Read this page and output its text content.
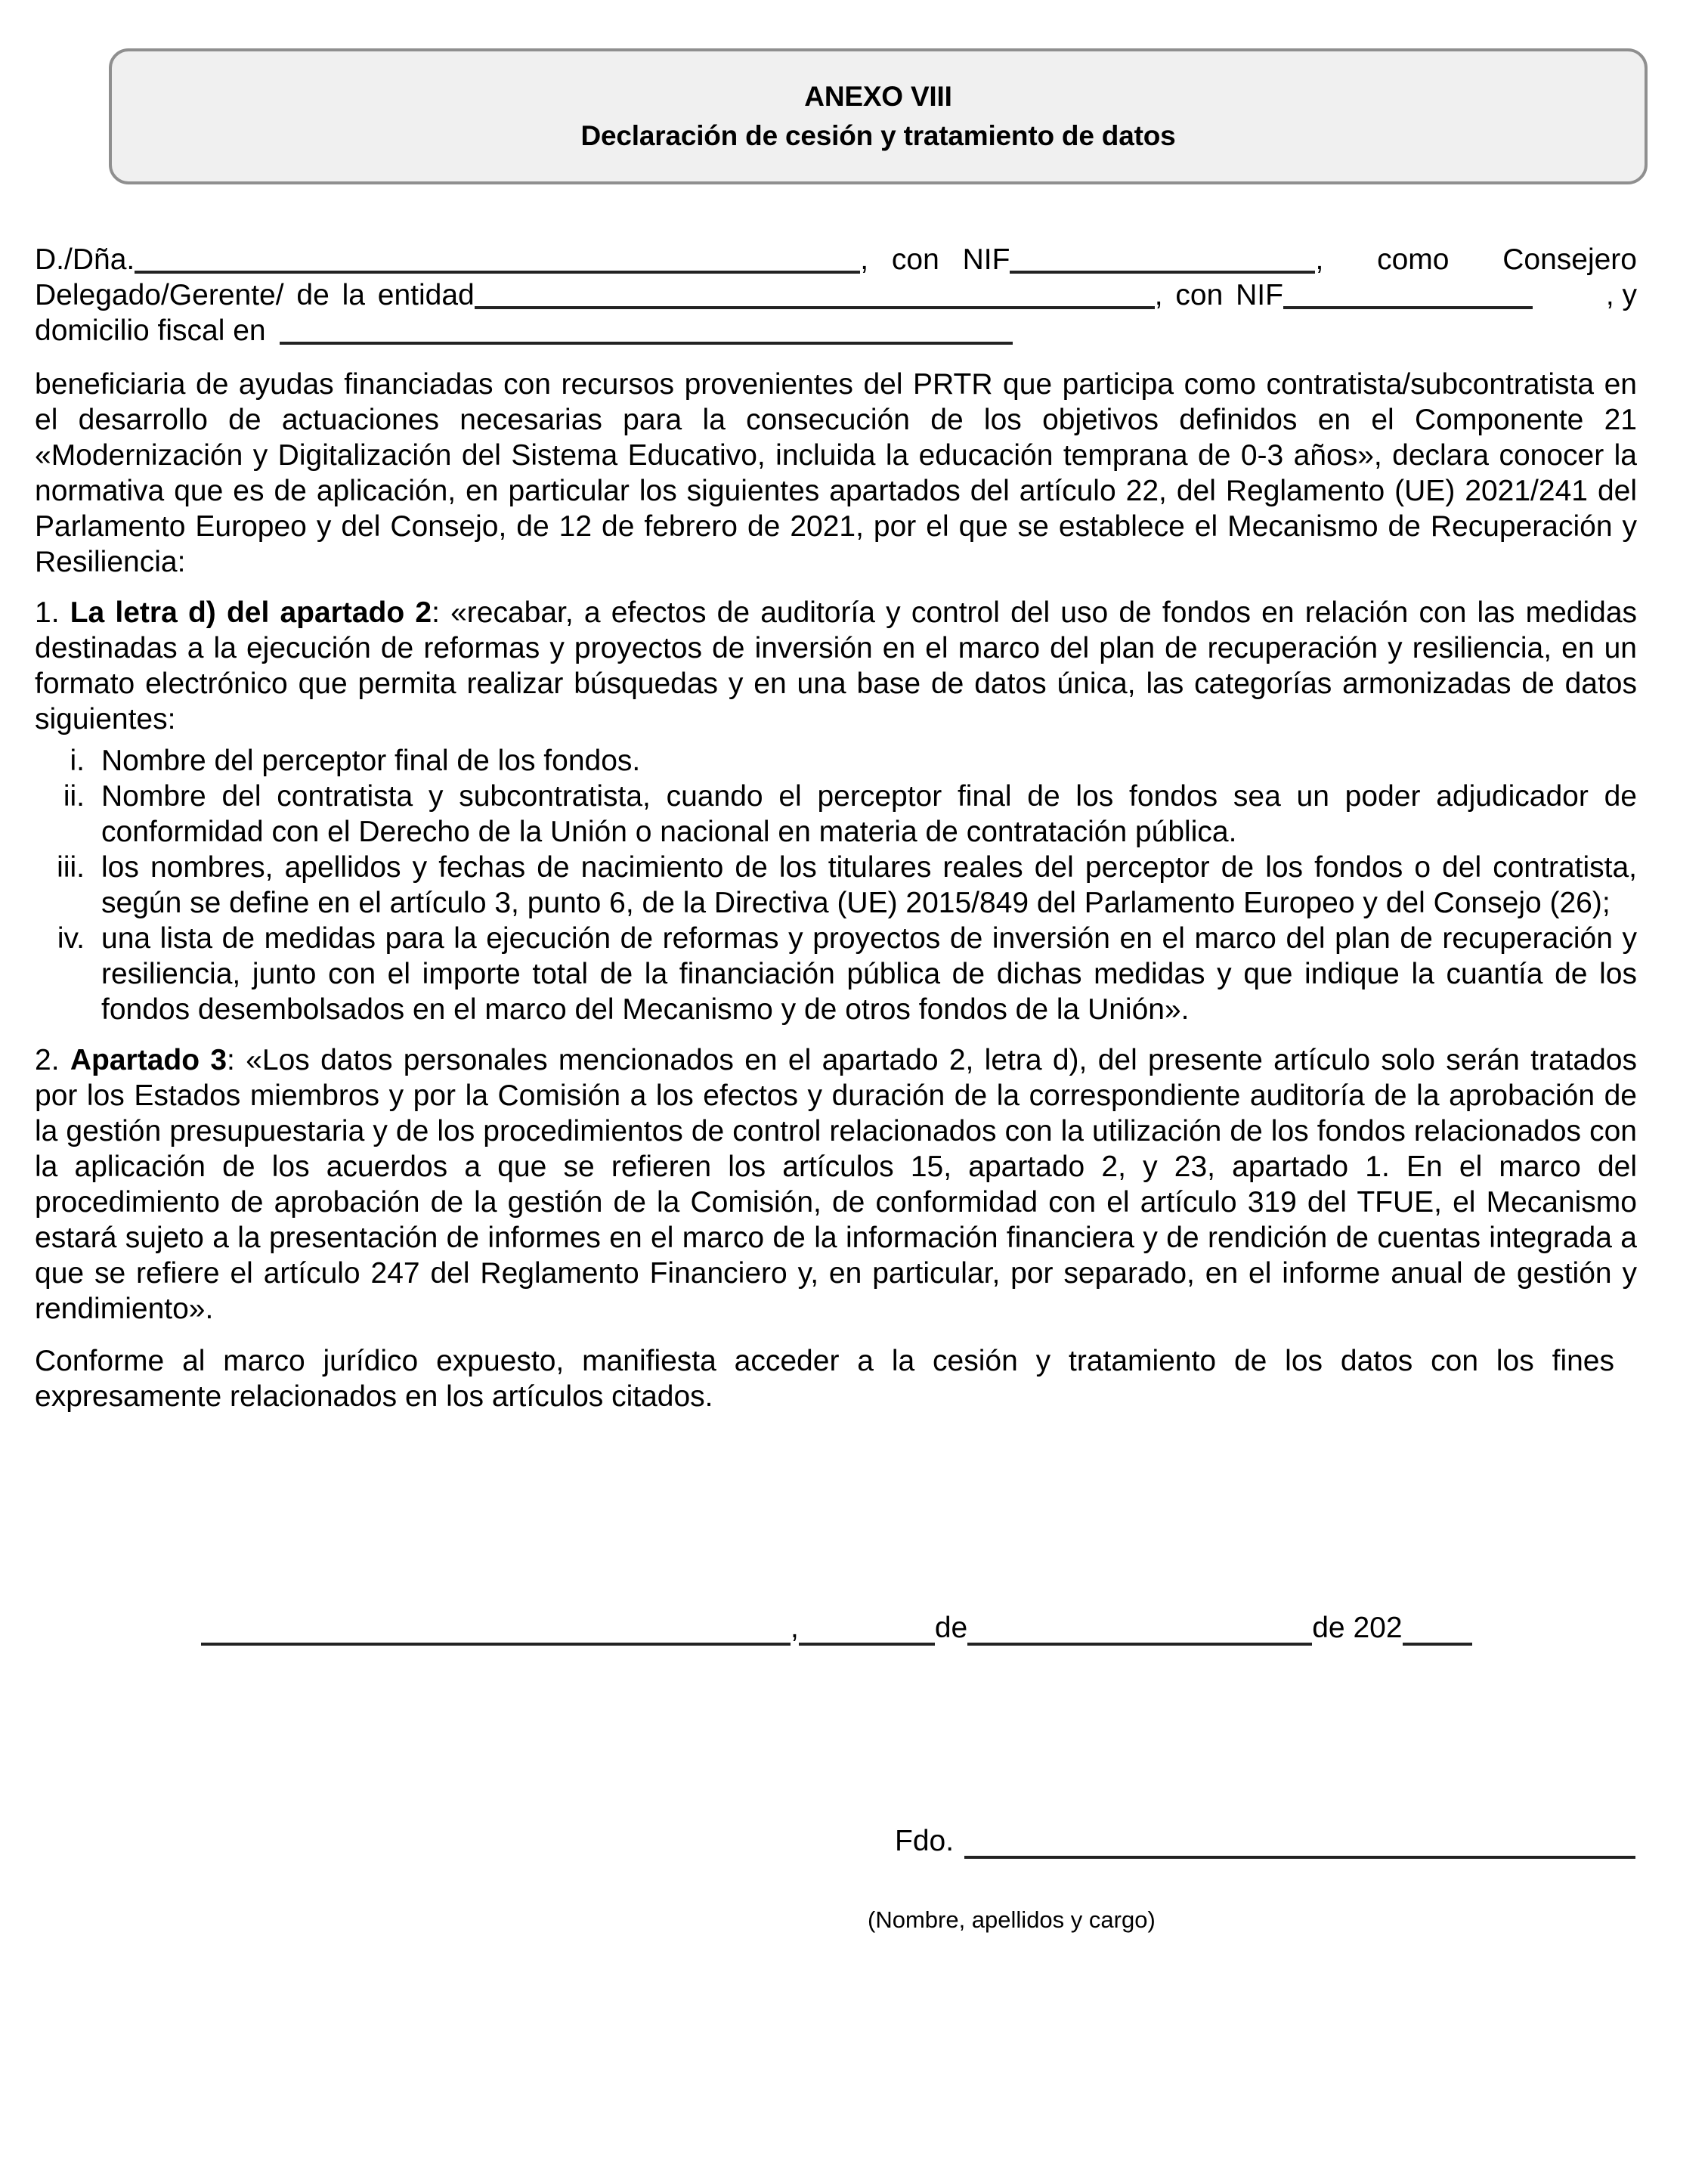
ANEXO VIII
Declaración de cesión y tratamiento de datos
D./Dña.	, con NIF	, como Consejero
Delegado/Gerente/ de la entidad	, con NIF	, y
domicilio fiscal en

beneficiaria de ayudas financiadas con recursos provenientes del PRTR que participa como contratista/subcontratista en el desarrollo de actuaciones necesarias para la consecución de los objetivos definidos en el Componente 21 «Modernización y Digitalización del Sistema Educativo, incluida la educación temprana de 0-3 años», declara conocer la normativa que es de aplicación, en particular los siguientes apartados del artículo 22, del Reglamento (UE) 2021/241 del Parlamento Europeo y del Consejo, de 12 de febrero de 2021, por el que se establece el Mecanismo de Recuperación y Resiliencia:

1. La letra d) del apartado 2: «recabar, a efectos de auditoría y control del uso de fondos en relación con las medidas destinadas a la ejecución de reformas y proyectos de inversión en el marco del plan de recuperación y resiliencia, en un formato electrónico que permita realizar búsquedas y en una base de datos única, las categorías armonizadas de datos siguientes:

i. Nombre del perceptor final de los fondos.
ii. Nombre del contratista y subcontratista, cuando el perceptor final de los fondos sea un poder adjudicador de conformidad con el Derecho de la Unión o nacional en materia de contratación pública.
iii. los nombres, apellidos y fechas de nacimiento de los titulares reales del perceptor de los fondos o del contratista, según se define en el artículo 3, punto 6, de la Directiva (UE) 2015/849 del Parlamento Europeo y del Consejo (26);
iv. una lista de medidas para la ejecución de reformas y proyectos de inversión en el marco del plan de recuperación y resiliencia, junto con el importe total de la financiación pública de dichas medidas y que indique la cuantía de los fondos desembolsados en el marco del Mecanismo y de otros fondos de la Unión».

2. Apartado 3: «Los datos personales mencionados en el apartado 2, letra d), del presente artículo solo serán tratados por los Estados miembros y por la Comisión a los efectos y duración de la correspondiente auditoría de la aprobación de la gestión presupuestaria y de los procedimientos de control relacionados con la utilización de los fondos relacionados con la aplicación de los acuerdos a que se refieren los artículos 15, apartado 2, y 23, apartado 1. En el marco del procedimiento de aprobación de la gestión de la Comisión, de conformidad con el artículo 319 del TFUE, el Mecanismo estará sujeto a la presentación de informes en el marco de la información financiera y de rendición de cuentas integrada a que se refiere el artículo 247 del Reglamento Financiero y, en particular, por separado, en el informe anual de gestión y rendimiento».

Conforme al marco jurídico expuesto, manifiesta acceder a la cesión y tratamiento de los datos con los fines expresamente relacionados en los artículos citados.

,	de	de 202
Fdo.
(Nombre, apellidos y cargo)
